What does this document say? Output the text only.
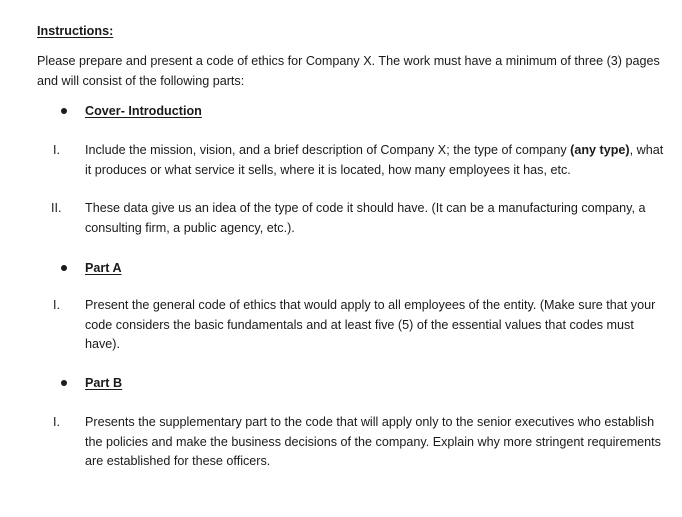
Instructions:
Please prepare and present a code of ethics for Company X. The work must have a minimum of three (3) pages and will consist of the following parts:
Cover- Introduction
I. Include the mission, vision, and a brief description of Company X; the type of company (any type), what it produces or what service it sells, where it is located, how many employees it has, etc.
II. These data give us an idea of the type of code it should have. (It can be a manufacturing company, a consulting firm, a public agency, etc.).
Part A
I. Present the general code of ethics that would apply to all employees of the entity. (Make sure that your code considers the basic fundamentals and at least five (5) of the essential values that codes must have).
Part B
I. Presents the supplementary part to the code that will apply only to the senior executives who establish the policies and make the business decisions of the company. Explain why more stringent requirements are established for these officers.
